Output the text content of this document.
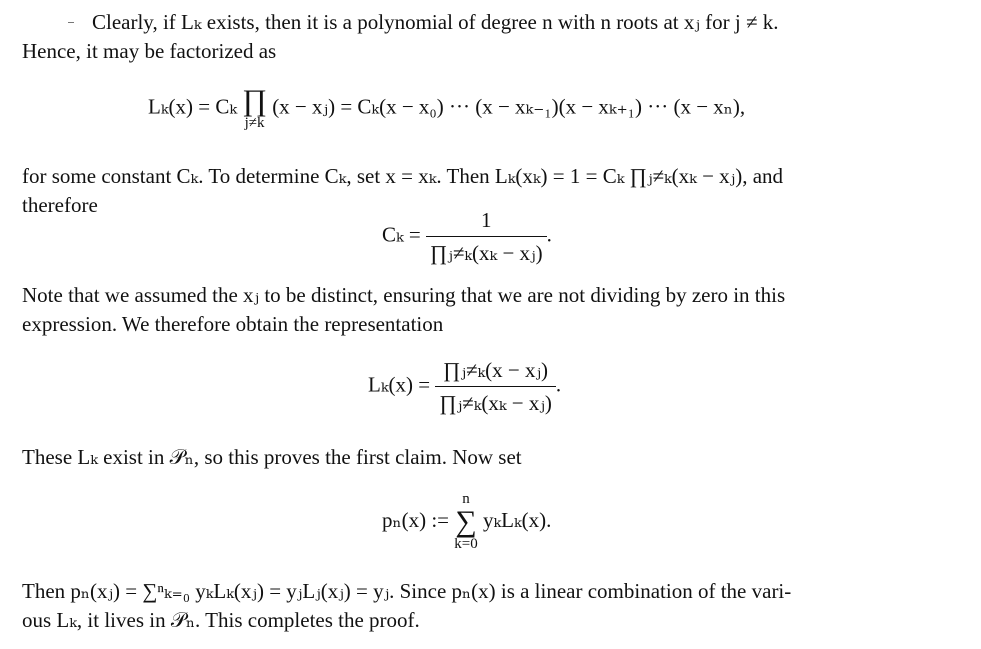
Clearly, if Lₖ exists, then it is a polynomial of degree n with n roots at xⱼ for j ≠ k.
Hence, it may be factorized as
Lₖ(x) = Cₖ ∏
j≠k
(x − xⱼ) = Cₖ(x − x₀) ··· (x − xₖ₋₁)(x − xₖ₊₁) ··· (x − xₙ),
for some constant Cₖ. To determine Cₖ, set x = xₖ. Then Lₖ(xₖ) = 1 = Cₖ ∏ⱼ≠ₖ(xₖ − xⱼ), and
therefore
$C_k = \frac{1}{\text{∏ⱼ≠ₖ(xₖ − xⱼ)}}$ .
Note that we assumed the xⱼ to be distinct, ensuring that we are not dividing by zero in this
expression. We therefore obtain the representation
$L_k(x) = \frac{\text{∏ⱼ≠ₖ(x − xⱼ)}}{\text{∏ⱼ≠ₖ(xₖ − xⱼ)}}$ .
These Lₖ exist in 𝒫ₙ, so this proves the first claim. Now set
pₙ(x) :=
n
∑
k=0
yₖLₖ(x).
Then pₙ(xⱼ) = ∑ⁿₖ₌₀ yₖLₖ(xⱼ) = yⱼLⱼ(xⱼ) = yⱼ. Since pₙ(x) is a linear combination of the vari-
ous Lₖ, it lives in 𝒫ₙ. This completes the proof.
